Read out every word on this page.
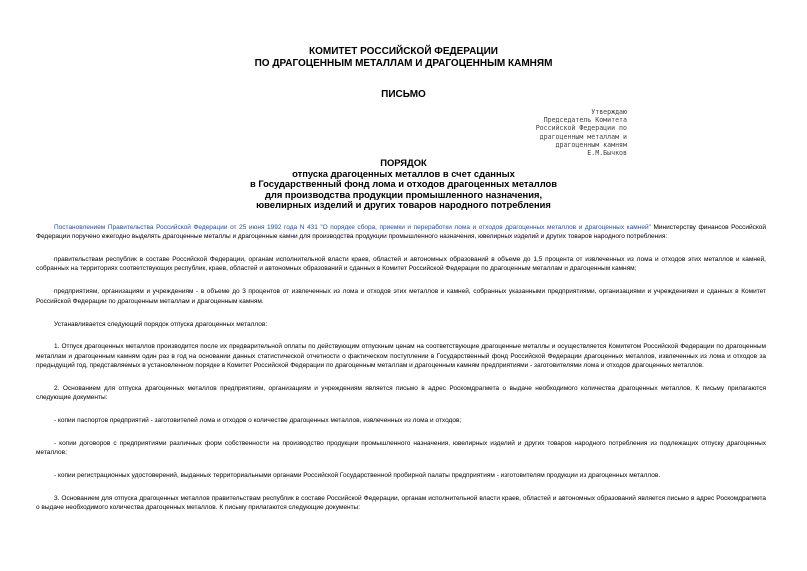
КОМИТЕТ РОССИЙСКОЙ ФЕДЕРАЦИИ
ПО ДРАГОЦЕННЫМ МЕТАЛЛАМ И ДРАГОЦЕННЫМ КАМНЯМ
ПИСЬМО
Утверждаю
Председатель Комитета
Российской Федерации по
драгоценным металлам и
драгоценным камням
Е.М.Бычков
ПОРЯДОК
отпуска драгоценных металлов в счет сданных
в Государственный фонд лома и отходов драгоценных металлов
для производства продукции промышленного назначения,
ювелирных изделий и других товаров народного потребления

Постановлением Правительства Российской Федерации от 25 июня 1992 года N 431 "О порядке сбора, приемки и переработки лома и отходов драгоценных металлов и драгоценных камней" Министерству финансов Российской Федерации поручено ежегодно выделять драгоценные металлы и драгоценные камни для производства продукции промышленного назначения, ювелирных изделий и других товаров народного потребления:

правительствам республик в составе Российской Федерации, органам исполнительной власти краев, областей и автономных образований в объеме до 1,5 процента от извлеченных из лома и отходов этих металлов и камней, собранных на территориях соответствующих республик, краев, областей и автономных образований и сданных в Комитет Российской Федерации по драгоценным металлам и драгоценным камням;

предприятиям, организациям и учреждениям - в объеме до 3 процентов от извлеченных из лома и отходов этих металлов и камней, собранных указанными предприятиями, организациями и учреждениями и сданных в Комитет Российской Федерации по драгоценным металлам и драгоценным камням.

Устанавливается следующий порядок отпуска драгоценных металлов:

1. Отпуск драгоценных металлов производится после их предварительной оплаты по действующим отпускным ценам на соответствующие драгоценные металлы и осуществляется Комитетом Российской Федерации по драгоценным металлам и драгоценным камням один раз в год на основании данных статистической отчетности о фактическом поступлении в Государственный фонд Российской Федерации драгоценных металлов, извлеченных из лома и отходов за предыдущий год, представляемых в установленном порядке в Комитет Российской Федерации по драгоценным металлам и драгоценным камням предприятиями - заготовителями лома и отходов драгоценных металлов.

2. Основанием для отпуска драгоценных металлов предприятиям, организациям и учреждениям является письмо в адрес Роскомдрагмета о выдаче необходимого количества драгоценных металлов. К письму прилагаются следующие документы:

- копии паспортов предприятий - заготовителей лома и отходов о количестве драгоценных металлов, извлеченных из лома и отходов;

- копии договоров с предприятиями различных форм собственности на производство продукции промышленного назначения, ювелирных изделий и других товаров народного потребления из подлежащих отпуску драгоценных металлов;

- копии регистрационных удостоверений, выданных территориальными органами Российской Государственной пробирной палаты предприятиям - изготовителям продукции из драгоценных металлов.

3. Основанием для отпуска драгоценных металлов правительствам республик в составе Российской Федерации, органам исполнительной власти краев, областей и автономных образований является письмо в адрес Роскомдрагмета о выдаче необходимого количества драгоценных металлов. К письму прилагаются следующие документы:
